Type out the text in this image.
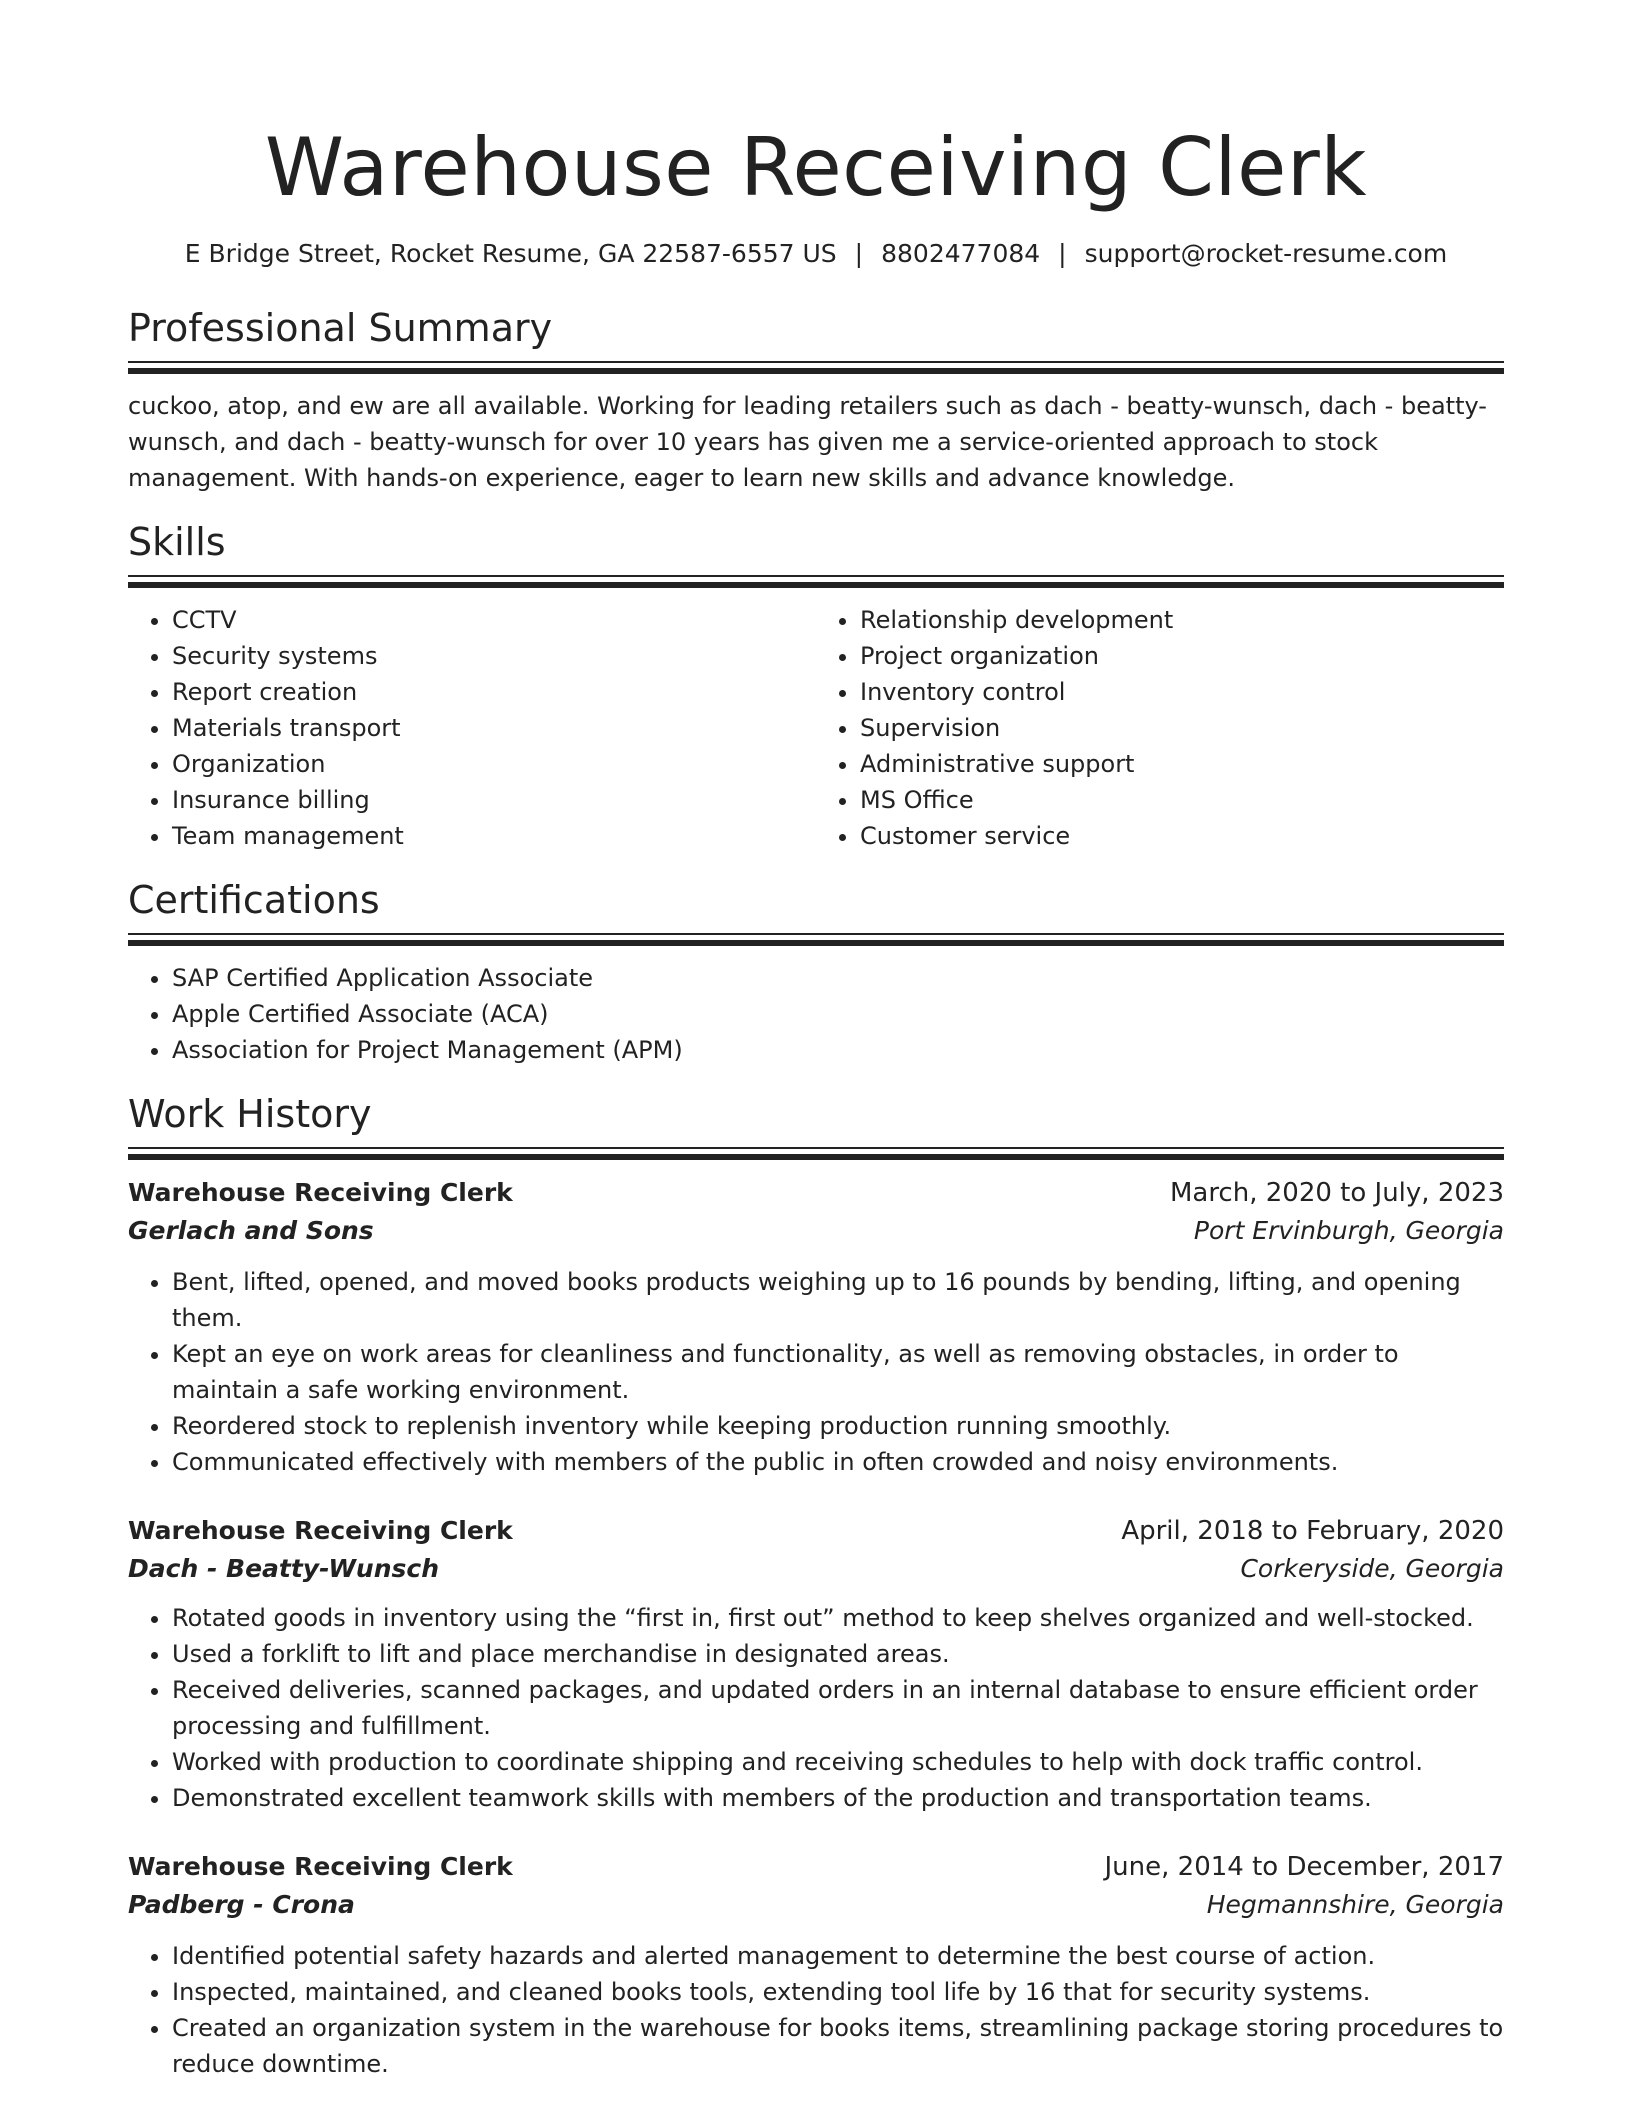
Warehouse Receiving Clerk
E Bridge Street, Rocket Resume, GA 22587-6557 US | 8802477084 | support@rocket-resume.com
Professional Summary

cuckoo, atop, and ew are all available. Working for leading retailers such as dach - beatty-wunsch, dach - beatty-wunsch, and dach - beatty-wunsch for over 10 years has given me a service-oriented approach to stock management. With hands-on experience, eager to learn new skills and advance knowledge.

Skills
• CCTV
• Security systems
• Report creation
• Materials transport
• Organization
• Insurance billing
• Team management
• Relationship development
• Project organization
• Inventory control
• Supervision
• Administrative support
• MS Office
• Customer service
Certifications
• SAP Certified Application Associate
• Apple Certified Associate (ACA)
• Association for Project Management (APM)
Work History
Warehouse Receiving Clerk	March, 2020 to July, 2023
Gerlach and Sons	Port Ervinburgh, Georgia
• Bent, lifted, opened, and moved books products weighing up to 16 pounds by bending, lifting, and opening them.
• Kept an eye on work areas for cleanliness and functionality, as well as removing obstacles, in order to maintain a safe working environment.
• Reordered stock to replenish inventory while keeping production running smoothly.
• Communicated effectively with members of the public in often crowded and noisy environments.
Warehouse Receiving Clerk	April, 2018 to February, 2020
Dach - Beatty-Wunsch	Corkeryside, Georgia
• Rotated goods in inventory using the “first in, first out” method to keep shelves organized and well-stocked.
• Used a forklift to lift and place merchandise in designated areas.
• Received deliveries, scanned packages, and updated orders in an internal database to ensure efficient order processing and fulfillment.
• Worked with production to coordinate shipping and receiving schedules to help with dock traffic control.
• Demonstrated excellent teamwork skills with members of the production and transportation teams.
Warehouse Receiving Clerk	June, 2014 to December, 2017
Padberg - Crona	Hegmannshire, Georgia
• Identified potential safety hazards and alerted management to determine the best course of action.
• Inspected, maintained, and cleaned books tools, extending tool life by 16 that for security systems.
• Created an organization system in the warehouse for books items, streamlining package storing procedures to reduce downtime.
